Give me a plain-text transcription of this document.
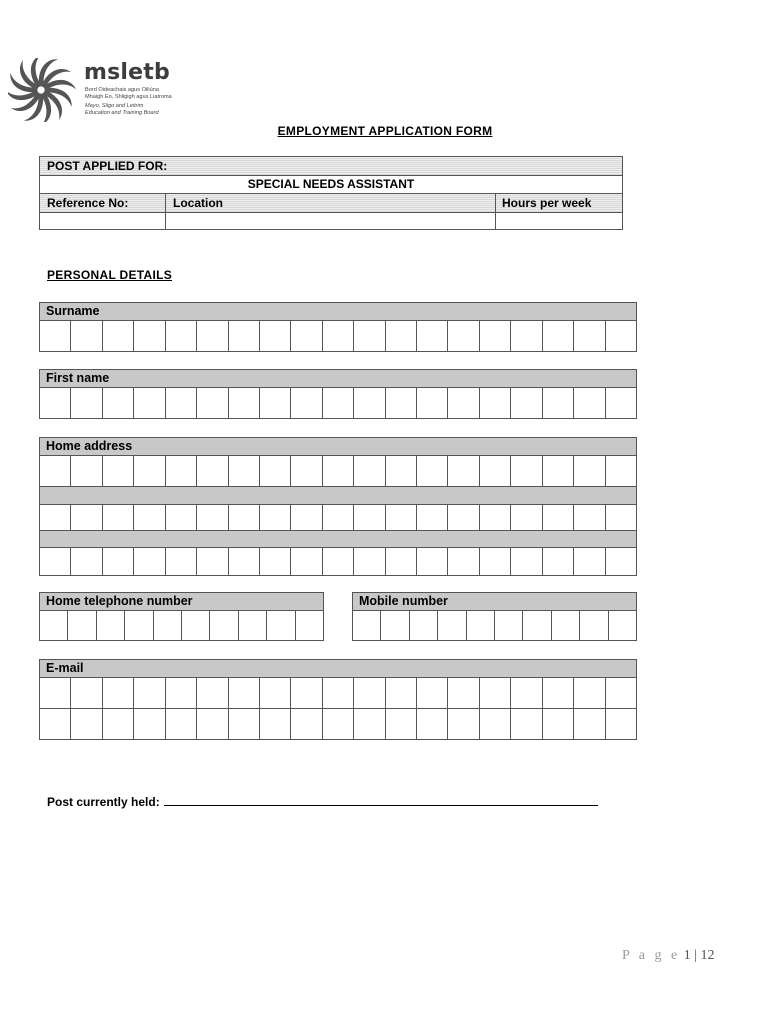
msletb
Bord Oideachais agus Oiliúna
Mhaigh Eo, Shligigh agus Liatroma
Mayo, Sligo and Leitrim
Education and Training Board
EMPLOYMENT APPLICATION FORM
POST APPLIED FOR:
SPECIAL NEEDS ASSISTANT
Reference No:	Location	Hours per week
PERSONAL DETAILS
Surname
First name
Home address
Home telephone number	Mobile number
E-mail
Post currently held:
P a g e 1 | 12
